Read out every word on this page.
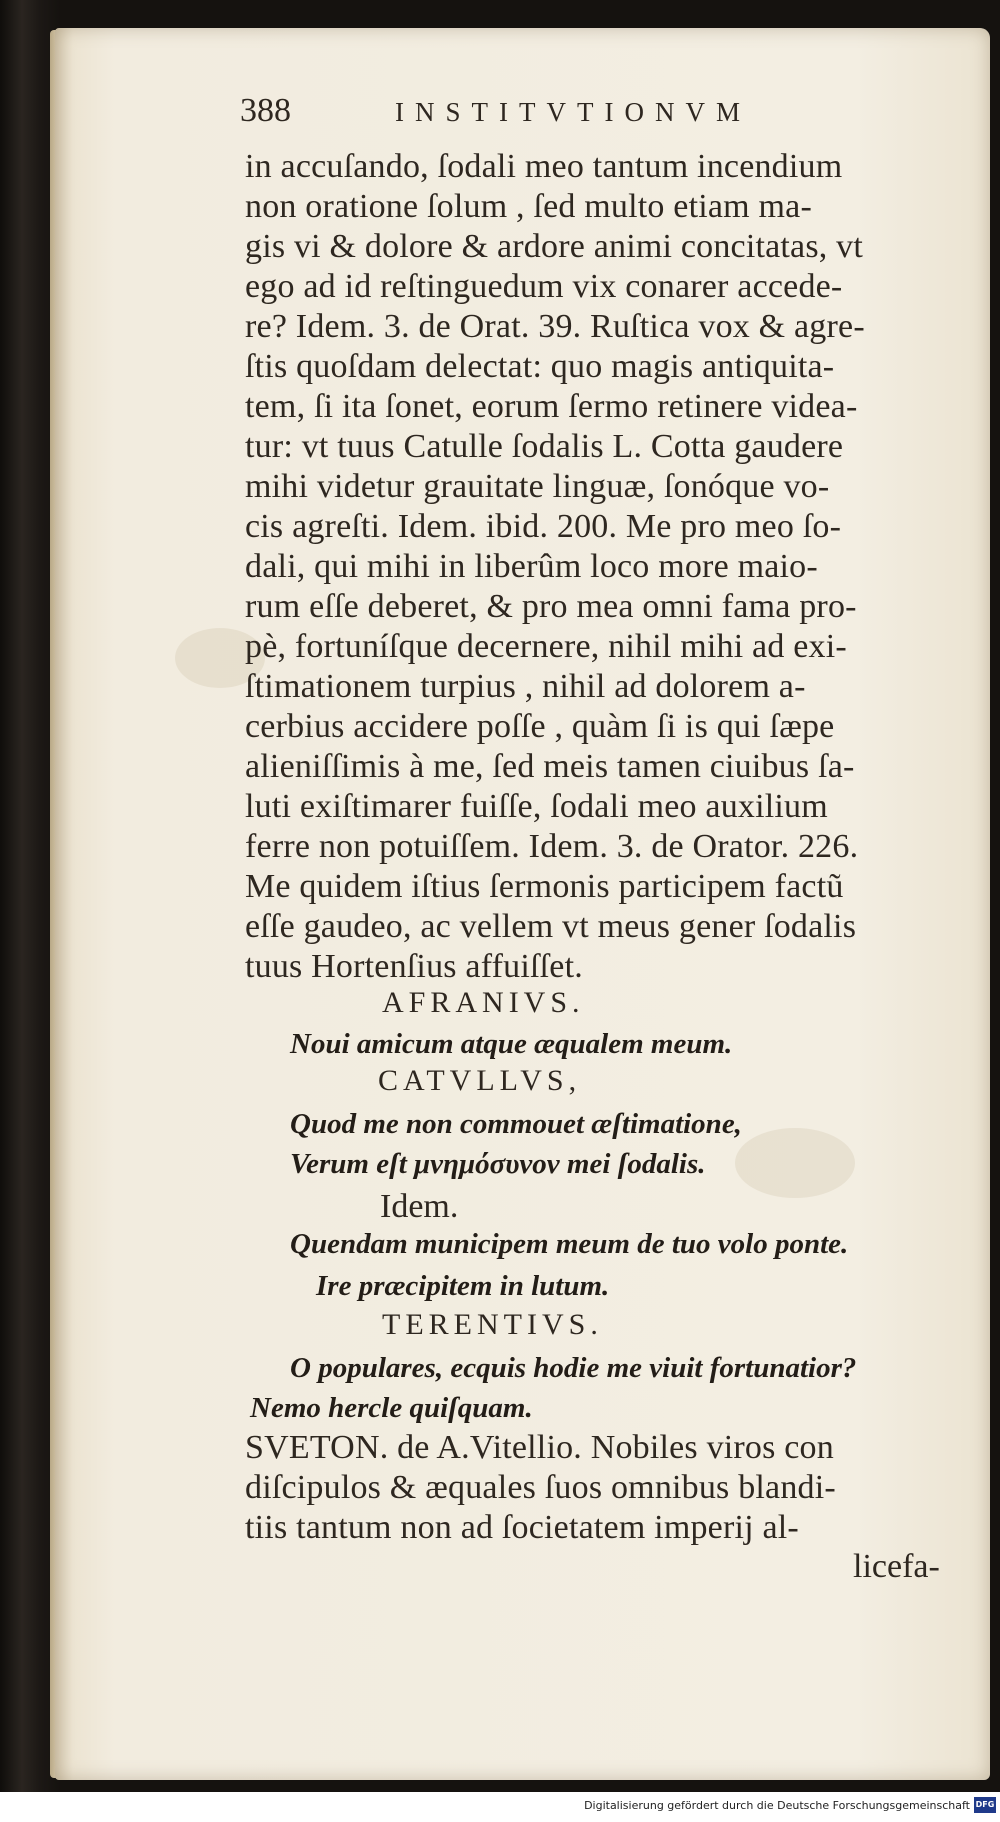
388	INSTITVTIONVM
in accuſando, ſodali meo tantum incendium
non oratione ſolum , ſed multo etiam ma-
gis vi & dolore & ardore animi concitatas, vt
ego ad id reſtinguedum vix conarer accede-
re? Idem. 3. de Orat. 39. Ruſtica vox & agre-
ſtis quoſdam delectat: quo magis antiquita-
tem, ſi ita ſonet, eorum ſermo retinere videa-
tur: vt tuus Catulle ſodalis L. Cotta gaudere
mihi videtur grauitate linguæ, ſonóque vo-
cis agreſti. Idem. ibid. 200. Me pro meo ſo-
dali, qui mihi in liberûm loco more maio-
rum eſſe deberet, & pro mea omni fama pro-
pè, fortuníſque decernere, nihil mihi ad exi-
ſtimationem turpius , nihil ad dolorem a-
cerbius accidere poſſe , quàm ſi is qui ſæpe
alieniſſimis à me, ſed meis tamen ciuibus ſa-
luti exiſtimarer fuiſſe, ſodali meo auxilium
ferre non potuiſſem. Idem. 3. de Orator. 226.
Me quidem iſtius ſermonis participem factũ
eſſe gaudeo, ac vellem vt meus gener ſodalis
tuus Hortenſius affuiſſet.
AFRANIVS.
Noui amicum atque æqualem meum.
CATVLLVS,
Quod me non commouet æſtimatione,
Verum eſt μνημόσυνον mei ſodalis.
Idem.
Quendam municipem meum de tuo volo ponte.
Ire præcipitem in lutum.
TERENTIVS.
O populares, ecquis hodie me viuit fortunatior?
Nemo hercle quiſquam.
SVETON. de A.Vitellio. Nobiles viros con
diſcipulos & æquales ſuos omnibus blandi-
tiis tantum non ad ſocietatem imperij al-
licefa-
Digitalisierung gefördert durch die Deutsche Forschungsgemeinschaft DFG
